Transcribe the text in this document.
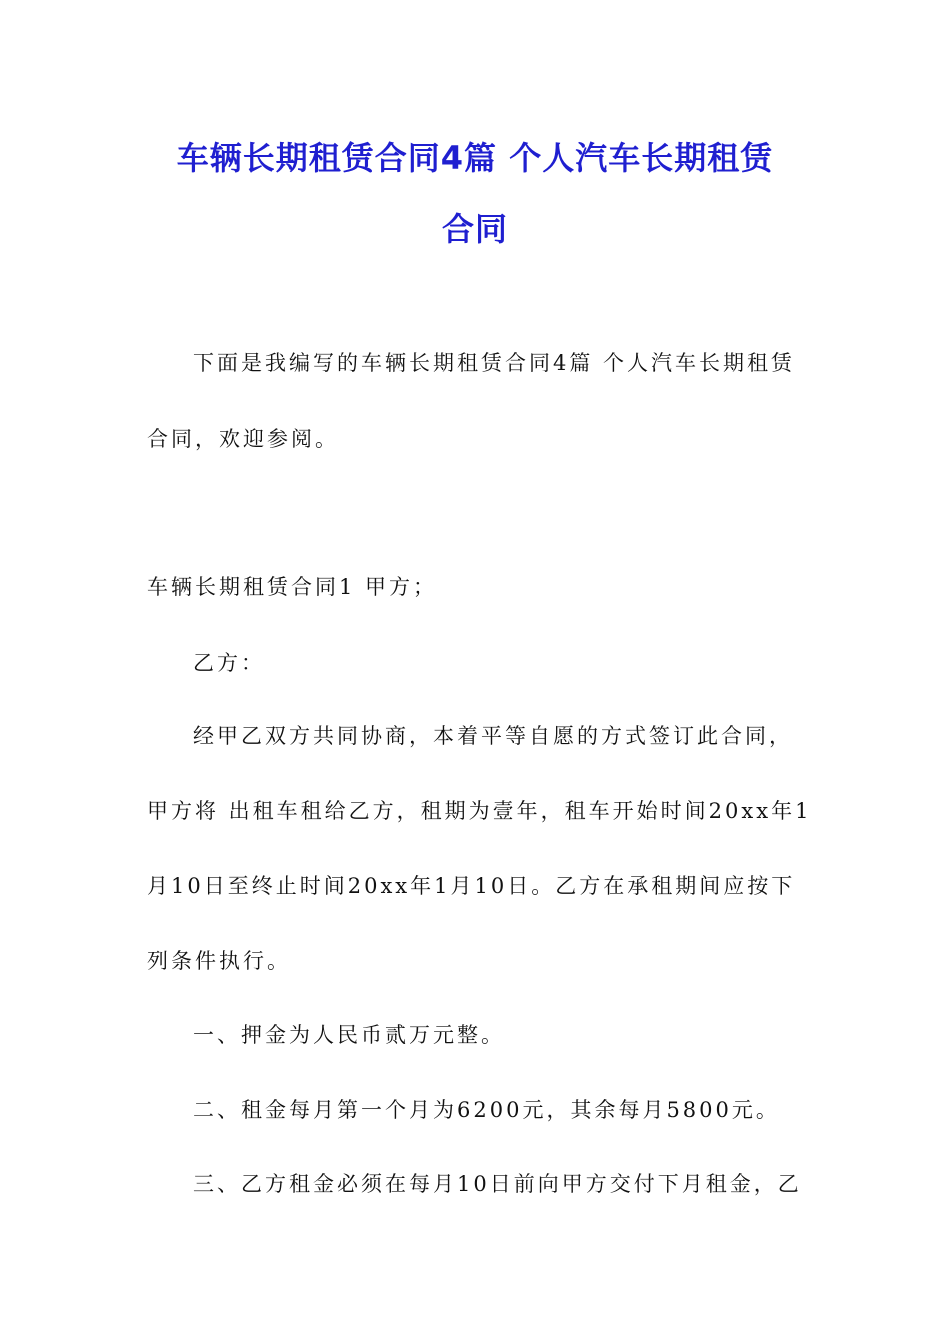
车辆长期租赁合同4篇 个人汽车长期租赁
合同
下面是我编写的车辆长期租赁合同4篇 个人汽车长期租赁
合同，欢迎参阅。
车辆长期租赁合同1 甲方；
乙方：
经甲乙双方共同协商，本着平等自愿的方式签订此合同，
甲方将 出租车租给乙方，租期为壹年，租车开始时间20xx年1
月10日至终止时间20xx年1月10日。乙方在承租期间应按下
列条件执行。
一、押金为人民币贰万元整。
二、租金每月第一个月为6200元，其余每月5800元。
三、乙方租金必须在每月10日前向甲方交付下月租金，乙
